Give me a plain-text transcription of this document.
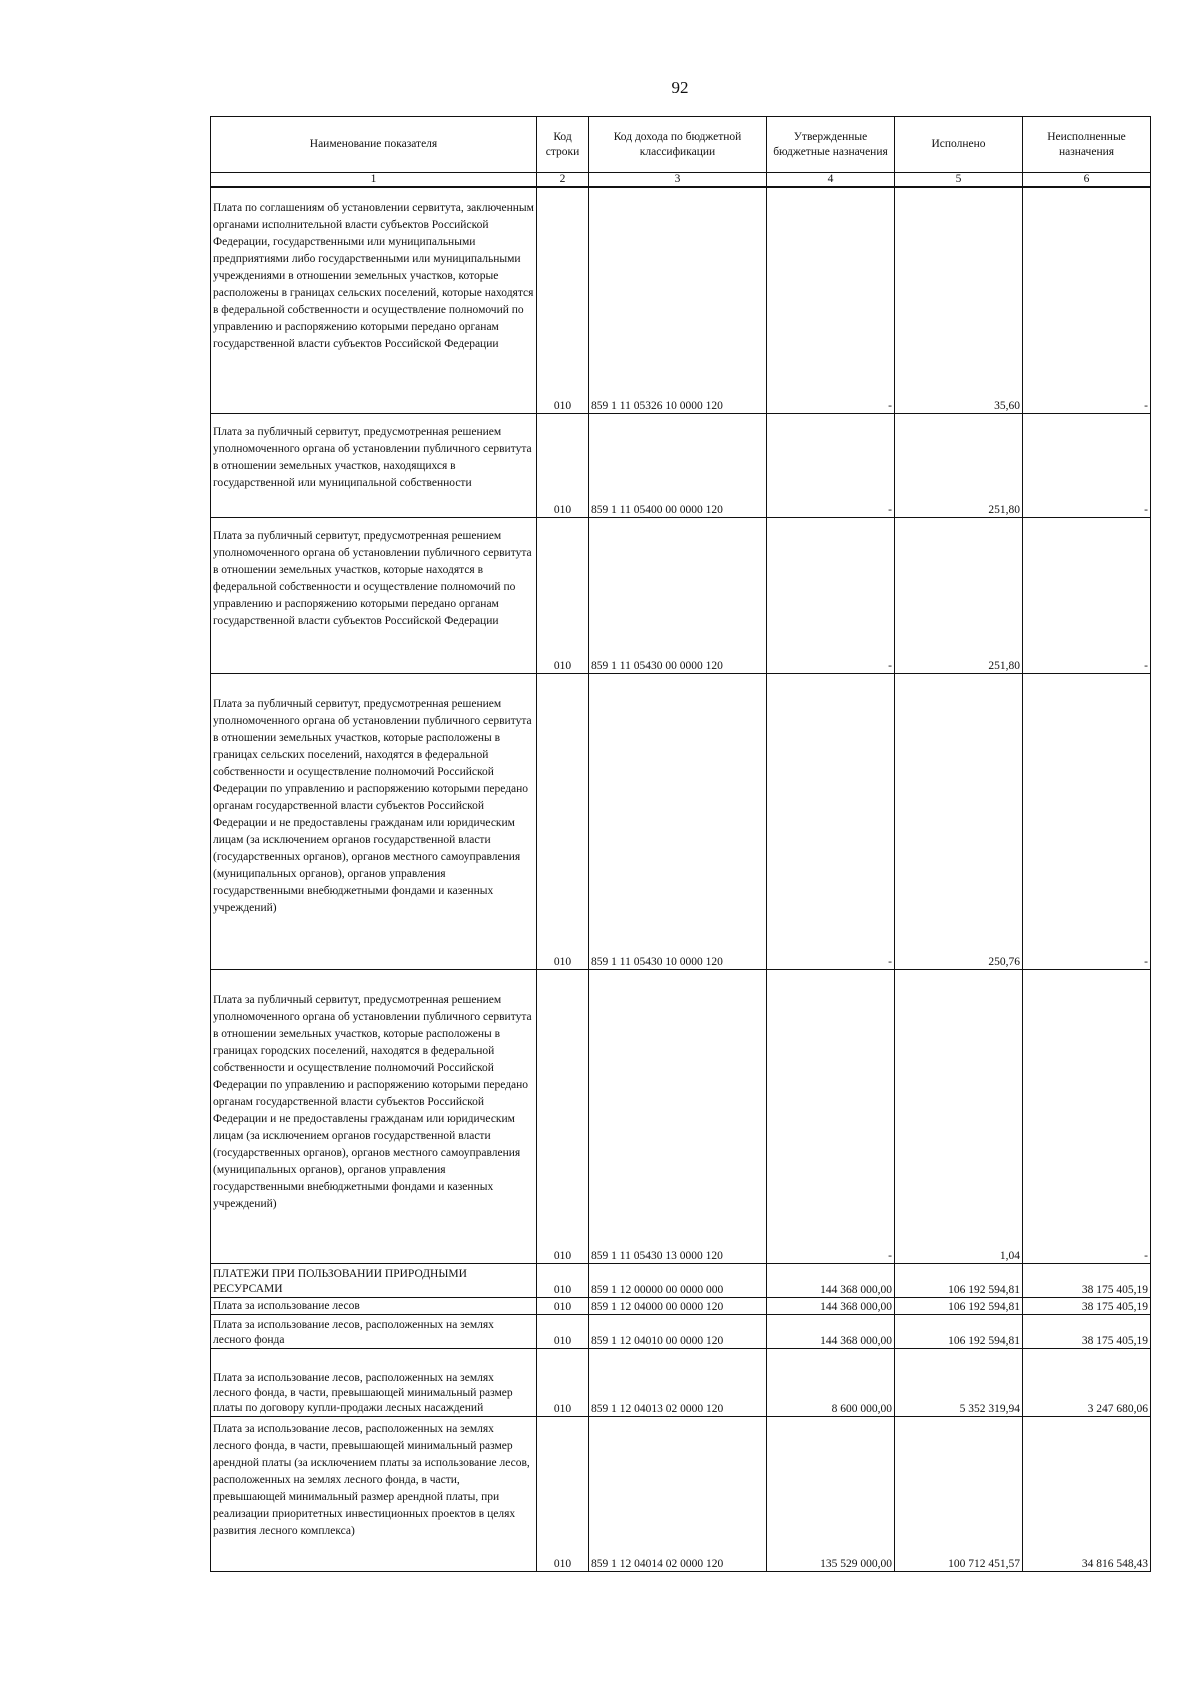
92
Наименование показателя	Код строки	Код дохода по бюджетной классификации	Утвержденные бюджетные назначения	Исполнено	Неисполненные назначения
1	2	3	4	5	6
Плата по соглашениям об установлении сервитута, заключенным органами исполнительной власти субъектов Российской Федерации, государственными или муниципальными предприятиями либо государственными или муниципальными учреждениями в отношении земельных участков, которые расположены в границах сельских поселений, которые находятся в федеральной собственности и осуществление полномочий по управлению и распоряжению которыми передано органам государственной власти субъектов Российской Федерации	010	859 1 11 05326 10 0000 120	-	35,60	-
Плата за публичный сервитут, предусмотренная решением уполномоченного органа об установлении публичного сервитута в отношении земельных участков, находящихся в государственной или муниципальной собственности	010	859 1 11 05400 00 0000 120	-	251,80	-
Плата за публичный сервитут, предусмотренная решением уполномоченного органа об установлении публичного сервитута в отношении земельных участков, которые находятся в федеральной собственности и осуществление полномочий по управлению и распоряжению которыми передано органам государственной власти субъектов Российской Федерации	010	859 1 11 05430 00 0000 120	-	251,80	-
Плата за публичный сервитут, предусмотренная решением уполномоченного органа об установлении публичного сервитута в отношении земельных участков, которые расположены в границах сельских поселений, находятся в федеральной собственности и осуществление полномочий Российской Федерации по управлению и распоряжению которыми передано органам государственной власти субъектов Российской Федерации и не предоставлены гражданам или юридическим лицам (за исключением органов государственной власти (государственных органов), органов местного самоуправления (муниципальных органов), органов управления государственными внебюджетными фондами и казенных учреждений)	010	859 1 11 05430 10 0000 120	-	250,76	-
Плата за публичный сервитут, предусмотренная решением уполномоченного органа об установлении публичного сервитута в отношении земельных участков, которые расположены в границах городских поселений, находятся в федеральной собственности и осуществление полномочий Российской Федерации по управлению и распоряжению которыми передано органам государственной власти субъектов Российской Федерации и не предоставлены гражданам или юридическим лицам (за исключением органов государственной власти (государственных органов), органов местного самоуправления (муниципальных органов), органов управления государственными внебюджетными фондами и казенных учреждений)	010	859 1 11 05430 13 0000 120	-	1,04	-
ПЛАТЕЖИ ПРИ ПОЛЬЗОВАНИИ ПРИРОДНЫМИ РЕСУРСАМИ	010	859 1 12 00000 00 0000 000	144 368 000,00	106 192 594,81	38 175 405,19
Плата за использование лесов	010	859 1 12 04000 00 0000 120	144 368 000,00	106 192 594,81	38 175 405,19
Плата за использование лесов, расположенных на землях лесного фонда	010	859 1 12 04010 00 0000 120	144 368 000,00	106 192 594,81	38 175 405,19
Плата за использование лесов, расположенных на землях лесного фонда, в части, превышающей минимальный размер платы по договору купли-продажи лесных насаждений	010	859 1 12 04013 02 0000 120	8 600 000,00	5 352 319,94	3 247 680,06
Плата за использование лесов, расположенных на землях лесного фонда, в части, превышающей минимальный размер арендной платы (за исключением платы за использование лесов, расположенных на землях лесного фонда, в части, превышающей минимальный размер арендной платы, при реализации приоритетных инвестиционных проектов в целях развития лесного комплекса)	010	859 1 12 04014 02 0000 120	135 529 000,00	100 712 451,57	34 816 548,43
